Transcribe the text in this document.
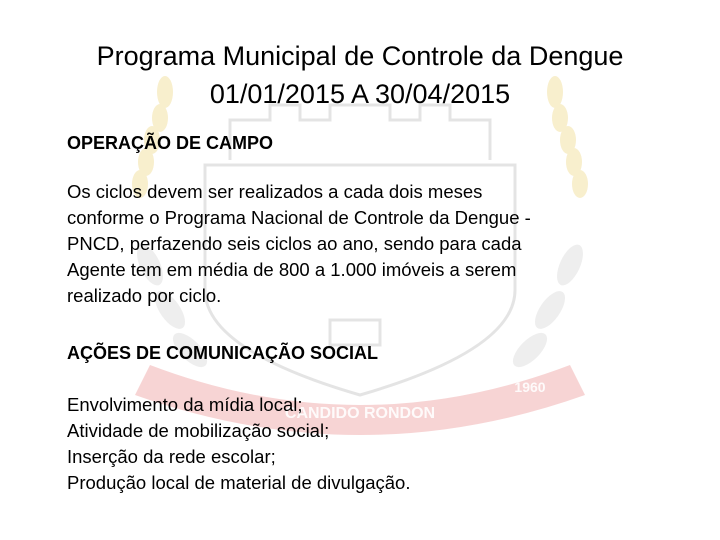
CANDIDO RONDON
1960
Programa Municipal de Controle da Dengue
01/01/2015 A 30/04/2015
OPERAÇÃO DE CAMPO
Os ciclos devem ser realizados a cada dois meses
conforme o Programa Nacional de Controle da Dengue -
PNCD, perfazendo seis ciclos ao ano, sendo para cada
Agente tem em média de 800 a 1.000 imóveis a serem
realizado por ciclo.
AÇÕES DE COMUNICAÇÃO SOCIAL
Envolvimento da mídia local;
Atividade de mobilização social;
Inserção da rede escolar;
Produção local de material de divulgação.
